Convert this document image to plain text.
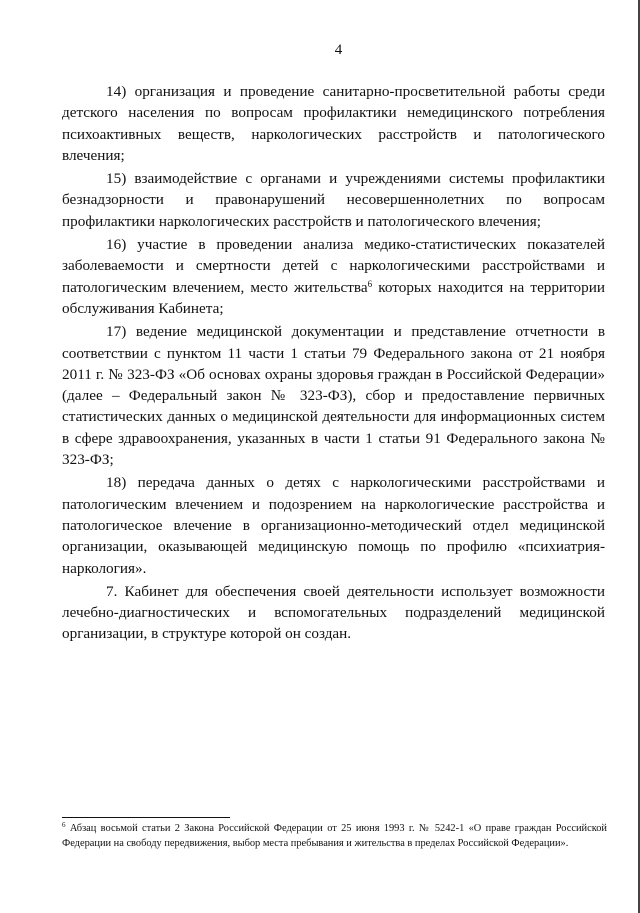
4

14) организация и проведение санитарно-просветительной работы среди детского населения по вопросам профилактики немедицинского потребления психоактивных веществ, наркологических расстройств и патологического влечения;

15) взаимодействие с органами и учреждениями системы профилактики безнадзорности и правонарушений несовершеннолетних по вопросам профилактики наркологических расстройств и патологического влечения;

16) участие в проведении анализа медико-статистических показателей заболеваемости и смертности детей с наркологическими расстройствами и патологическим влечением, место жительства$^6$ которых находится на территории обслуживания Кабинета;

17) ведение медицинской документации и представление отчетности в соответствии с пунктом 11 части 1 статьи 79 Федерального закона от 21 ноября 2011 г. № 323-ФЗ «Об основах охраны здоровья граждан в Российской Федерации» (далее – Федеральный закон № 323-ФЗ), сбор и предоставление первичных статистических данных о медицинской деятельности для информационных систем в сфере здравоохранения, указанных в части 1 статьи 91 Федерального закона № 323-ФЗ;

18) передача данных о детях с наркологическими расстройствами и патологическим влечением и подозрением на наркологические расстройства и патологическое влечение в организационно-методический отдел медицинской организации, оказывающей медицинскую помощь по профилю «психиатрия-наркология».

7. Кабинет для обеспечения своей деятельности использует возможности лечебно-диагностических и вспомогательных подразделений медицинской организации, в структуре которой он создан.

$^6$ Абзац восьмой статьи 2 Закона Российской Федерации от 25 июня 1993 г. № 5242-1 «О праве граждан Российской Федерации на свободу передвижения, выбор места пребывания и жительства в пределах Российской Федерации».
